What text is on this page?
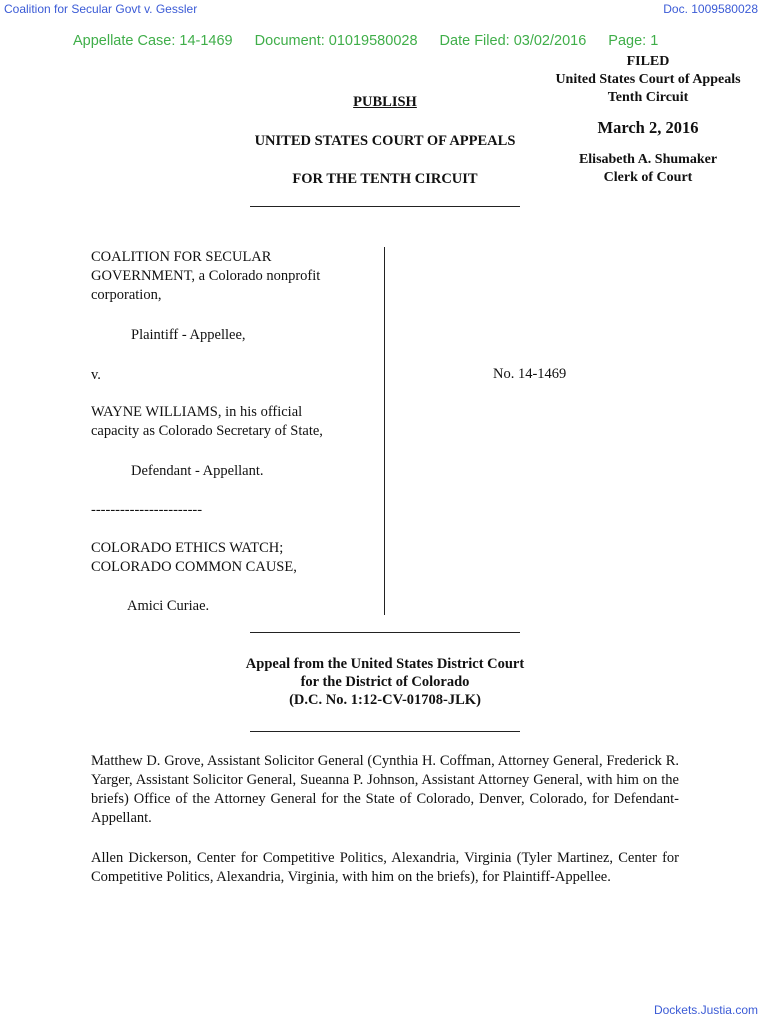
Coalition for Secular Govt v. Gessler	Doc. 1009580028
Appellate Case: 14-1469 Document: 01019580028 Date Filed: 03/02/2016 Page: 1
FILED
United States Court of Appeals
Tenth Circuit
March 2, 2016
Elisabeth A. Shumaker
Clerk of Court
PUBLISH
UNITED STATES COURT OF APPEALS
FOR THE TENTH CIRCUIT

COALITION FOR SECULAR

GOVERNMENT, a Colorado nonprofit

corporation,

Plaintiff - Appellee,
v.

WAYNE WILLIAMS, in his official

capacity as Colorado Secretary of State,

Defendant - Appellant.
-----------------------

COLORADO ETHICS WATCH;

COLORADO COMMON CAUSE,

Amici Curiae.
No. 14-1469
Appeal from the United States District Court
for the District of Colorado
(D.C. No. 1:12-CV-01708-JLK)
Matthew D. Grove, Assistant Solicitor General (Cynthia H. Coffman, Attorney General, Frederick R. Yarger, Assistant Solicitor General, Sueanna P. Johnson, Assistant Attorney General, with him on the briefs) Office of the Attorney General for the State of Colorado, Denver, Colorado, for Defendant-Appellant.
Allen Dickerson, Center for Competitive Politics, Alexandria, Virginia (Tyler Martinez, Center for Competitive Politics, Alexandria, Virginia, with him on the briefs), for Plaintiff-Appellee.
Dockets.Justia.com
